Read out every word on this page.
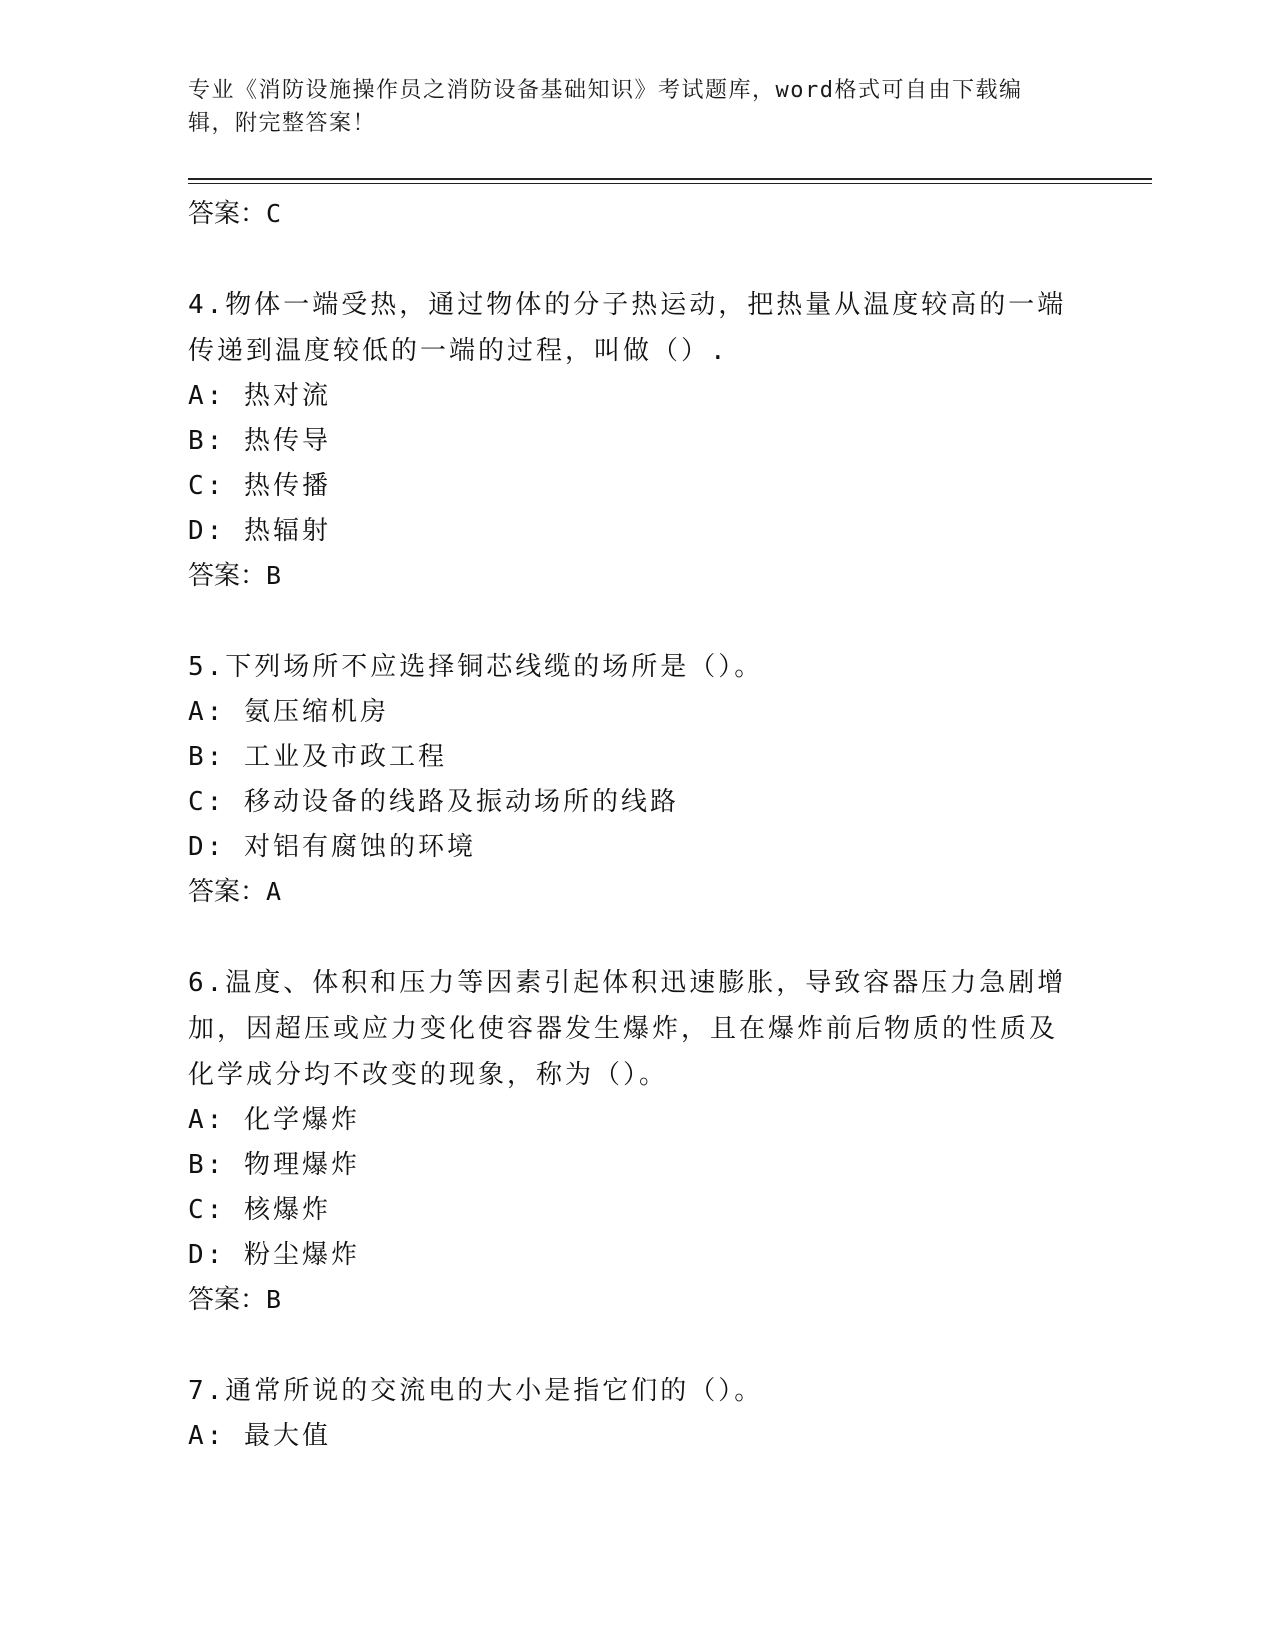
专业《消防设施操作员之消防设备基础知识》考试题库，word格式可自由下载编
辑，附完整答案！
答案：C
4.物体一端受热，通过物体的分子热运动，把热量从温度较高的一端传递到温度较低的一端的过程，叫做（）.
A: 热对流
B: 热传导
C: 热传播
D: 热辐射
答案：B
5.下列场所不应选择铜芯线缆的场所是（）。
A: 氨压缩机房
B: 工业及市政工程
C: 移动设备的线路及振动场所的线路
D: 对铝有腐蚀的环境
答案：A
6.温度、体积和压力等因素引起体积迅速膨胀，导致容器压力急剧增加，因超压或应力变化使容器发生爆炸，且在爆炸前后物质的性质及化学成分均不改变的现象，称为（）。
A: 化学爆炸
B: 物理爆炸
C: 核爆炸
D: 粉尘爆炸
答案：B
7.通常所说的交流电的大小是指它们的（）。
A: 最大值
